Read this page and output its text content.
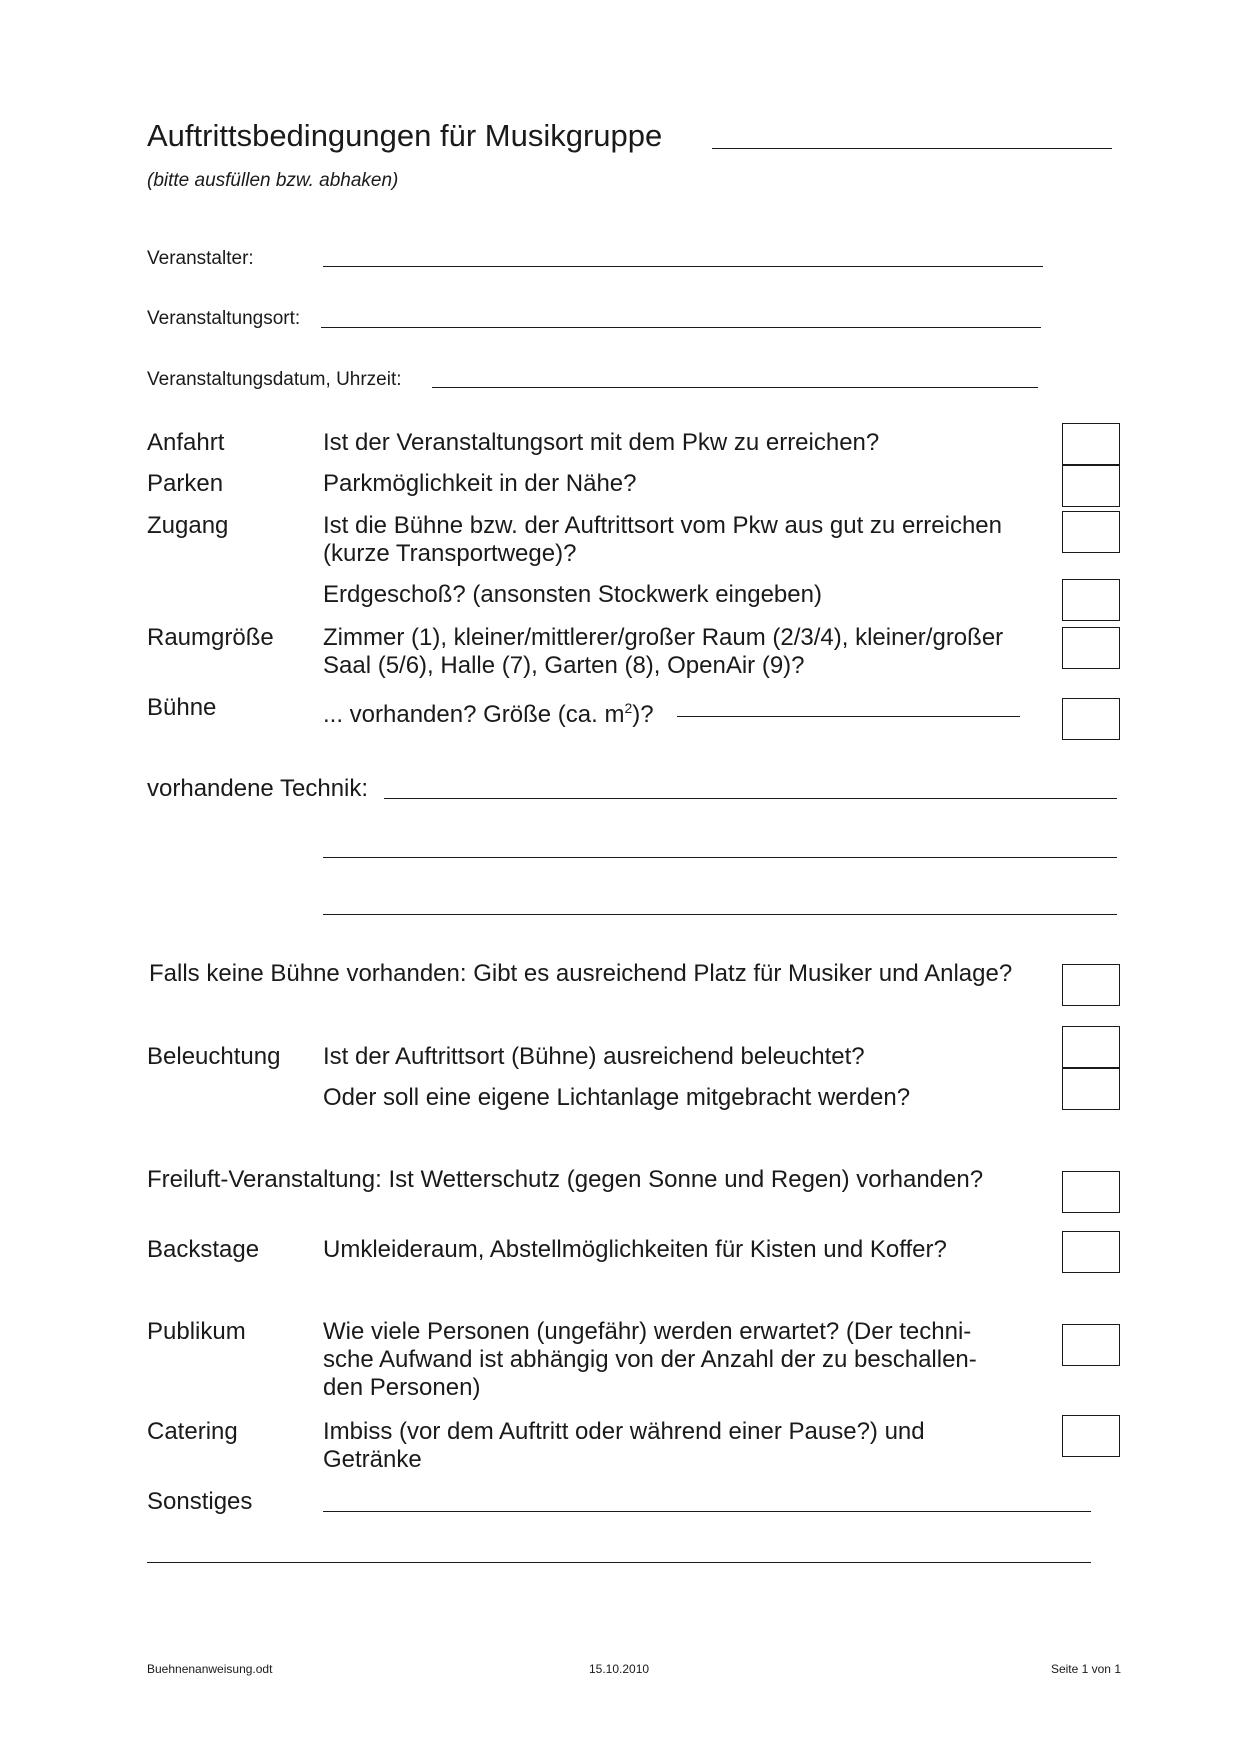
Auftrittsbedingungen für Musikgruppe
(bitte ausfüllen bzw. abhaken)
Veranstalter:
Veranstaltungsort:
Veranstaltungsdatum, Uhrzeit:
Anfahrt	Ist der Veranstaltungsort mit dem Pkw zu erreichen?
Parken	Parkmöglichkeit in der Nähe?
Zugang	Ist die Bühne bzw. der Auftrittsort vom Pkw aus gut zu erreichen
(kurze Transportwege)?
Erdgeschoß? (ansonsten Stockwerk eingeben)
Raumgröße Zimmer (1), kleiner/mittlerer/großer Raum (2/3/4), kleiner/großer
Saal (5/6), Halle (7), Garten (8), OpenAir (9)?
Bühne	... vorhanden? Größe (ca. $m^2$)?
vorhandene Technik:
Falls keine Bühne vorhanden: Gibt es ausreichend Platz für Musiker und Anlage?
Beleuchtung Ist der Auftrittsort (Bühne) ausreichend beleuchtet?
Oder soll eine eigene Lichtanlage mitgebracht werden?
Freiluft-Veranstaltung: Ist Wetterschutz (gegen Sonne und Regen) vorhanden?
Backstage	Umkleideraum, Abstellmöglichkeiten für Kisten und Koffer?
Publikum	Wie viele Personen (ungefähr) werden erwartet? (Der techni-
sche Aufwand ist abhängig von der Anzahl der zu beschallen-
den Personen)
Catering	Imbiss (vor dem Auftritt oder während einer Pause?) und
Getränke
Sonstiges
Buehnenanweisung.odt	15.10.2010	Seite 1 von 1
